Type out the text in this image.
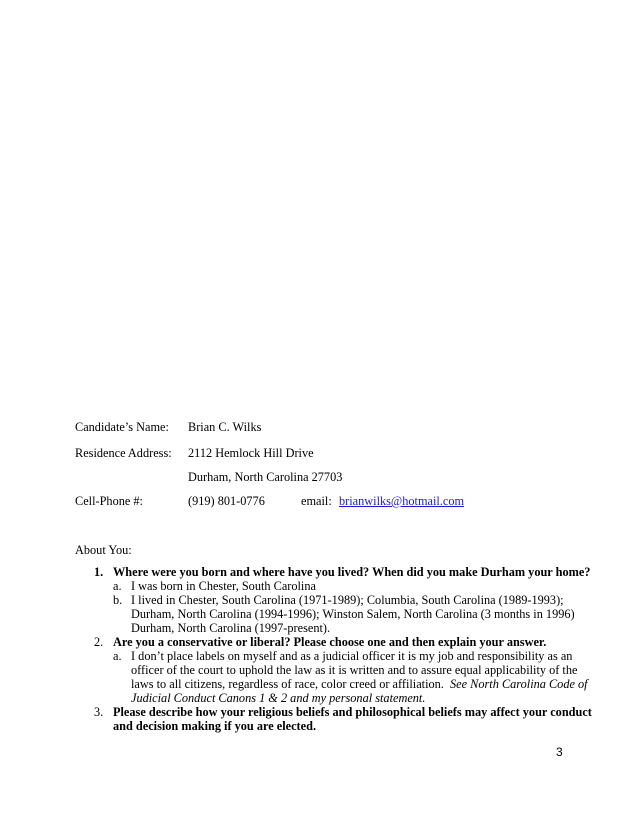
Candidate’s Name: Brian C. Wilks
Residence Address: 2112 Hemlock Hill Drive
Durham, North Carolina 27703
Cell-Phone #:	(919) 801-0776	email: brianwilks@hotmail.com
About You:
1. Where were you born and where have you lived? When did you make Durham your home?
a. I was born in Chester, South Carolina
b. I lived in Chester, South Carolina (1971-1989); Columbia, South Carolina (1989-1993);
Durham, North Carolina (1994-1996); Winston Salem, North Carolina (3 months in 1996)
Durham, North Carolina (1997-present).
2. Are you a conservative or liberal? Please choose one and then explain your answer.
a. I don’t place labels on myself and as a judicial officer it is my job and responsibility as an
officer of the court to uphold the law as it is written and to assure equal applicability of the
laws to all citizens, regardless of race, color creed or affiliation. See North Carolina Code of
Judicial Conduct Canons 1 & 2 and my personal statement.
3. Please describe how your religious beliefs and philosophical beliefs may affect your conduct
and decision making if you are elected.
3
